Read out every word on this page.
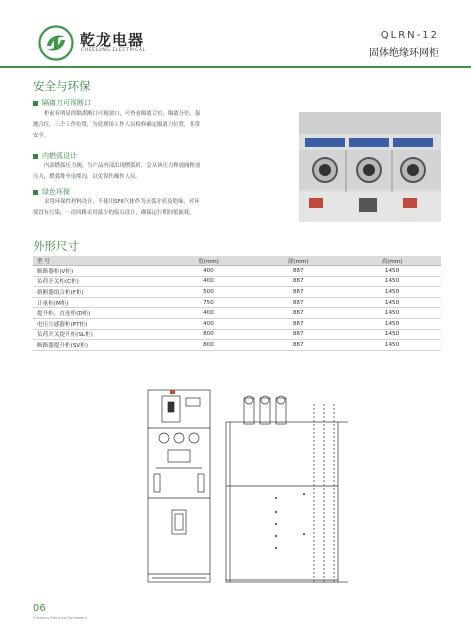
乾龙电器
CHEELUNG ELECTRICAL
QLRN-12
固体绝缘环网柜
安全与环保
隔离刀可视断口
柜前有明显的隔离断口可视窗口，可查看隔离合位、隔离分位、接
地合位，三个工作位置，为使现场工作人员检修确定隔离刀位置，非常
安全。
内燃弧设计
内部燃弧压力阀，当产品内部出现燃弧时，会从该压力释放阀释放
压力，燃弧排至电缆沟，以免误伤操作人员。
绿色环保
采用环保性材料设计，不使用SF6气体作为灭弧介质及绝缘，对环
境没有污染，一次回路采用最少的接点设计，确保运行期间低能耗。
外形尺寸
型 号	宽(mm)	深(mm)	高(mm)
断路器柜(V柜)	400	887	1450
负荷开关柜(C柜)	400	887	1450
熔断器组合柜(F柜)	500	887	1450
计量柜(M柜)	750	887	1450
提升柜、直连柜(D柜)	400	887	1450
电压互感器柜(PT柜)	400	887	1450
负荷开关提升柜(SL柜)	800	887	1450
断路器提升柜(SV柜)	800	887	1450
06
Cheelung Electrical Equipment
